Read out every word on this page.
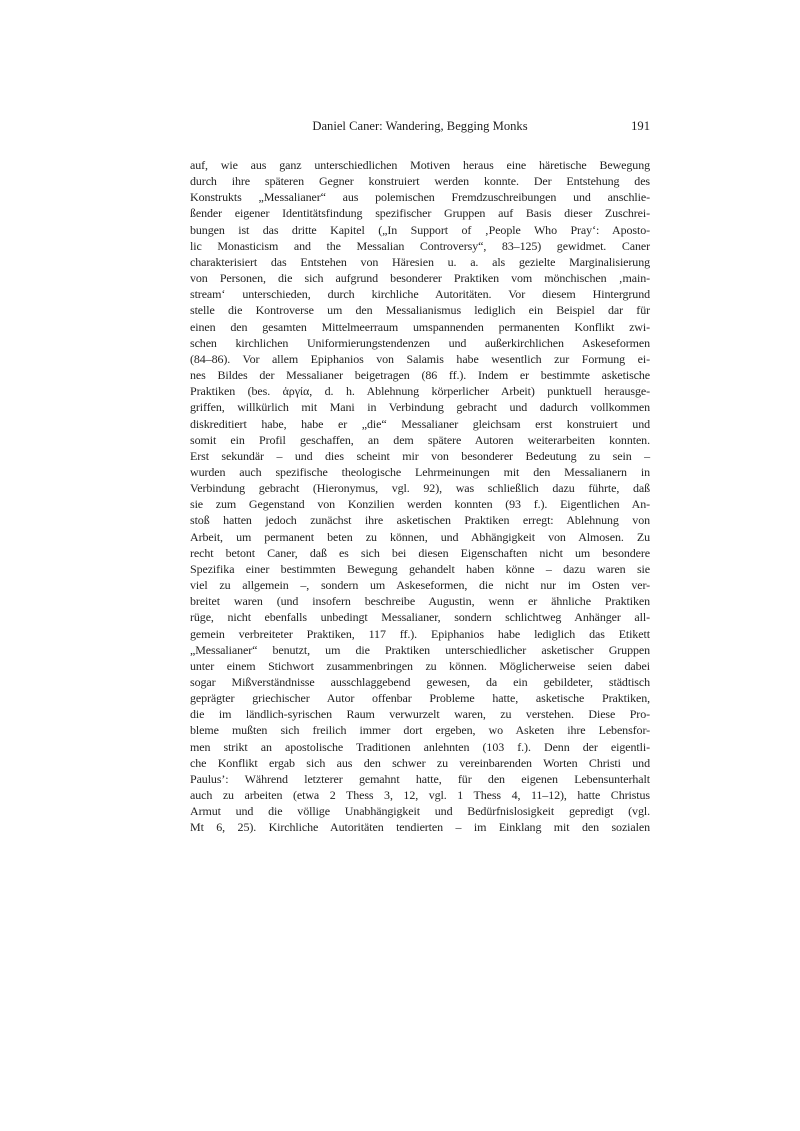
Daniel Caner: Wandering, Begging Monks	191
auf, wie aus ganz unterschiedlichen Motiven heraus eine häretische Bewegung
durch ihre späteren Gegner konstruiert werden konnte. Der Entstehung des
Konstrukts „Messalianer“ aus polemischen Fremdzuschreibungen und anschlie-
ßender eigener Identitätsfindung spezifischer Gruppen auf Basis dieser Zuschrei-
bungen ist das dritte Kapitel („In Support of ‚People Who Pray‘: Aposto-
lic Monasticism and the Messalian Controversy“, 83–125) gewidmet. Caner
charakterisiert das Entstehen von Häresien u. a. als gezielte Marginalisierung
von Personen, die sich aufgrund besonderer Praktiken vom mönchischen ‚main-
stream‘ unterschieden, durch kirchliche Autoritäten. Vor diesem Hintergrund
stelle die Kontroverse um den Messalianismus lediglich ein Beispiel dar für
einen den gesamten Mittelmeerraum umspannenden permanenten Konflikt zwi-
schen kirchlichen Uniformierungstendenzen und außerkirchlichen Askeseformen
(84–86). Vor allem Epiphanios von Salamis habe wesentlich zur Formung ei-
nes Bildes der Messalianer beigetragen (86 ff.). Indem er bestimmte asketische
Praktiken (bes. ἀργία, d. h. Ablehnung körperlicher Arbeit) punktuell herausge-
griffen, willkürlich mit Mani in Verbindung gebracht und dadurch vollkommen
diskreditiert habe, habe er „die“ Messalianer gleichsam erst konstruiert und
somit ein Profil geschaffen, an dem spätere Autoren weiterarbeiten konnten.
Erst sekundär – und dies scheint mir von besonderer Bedeutung zu sein –
wurden auch spezifische theologische Lehrmeinungen mit den Messalianern in
Verbindung gebracht (Hieronymus, vgl. 92), was schließlich dazu führte, daß
sie zum Gegenstand von Konzilien werden konnten (93 f.). Eigentlichen An-
stoß hatten jedoch zunächst ihre asketischen Praktiken erregt: Ablehnung von
Arbeit, um permanent beten zu können, und Abhängigkeit von Almosen. Zu
recht betont Caner, daß es sich bei diesen Eigenschaften nicht um besondere
Spezifika einer bestimmten Bewegung gehandelt haben könne – dazu waren sie
viel zu allgemein –, sondern um Askeseformen, die nicht nur im Osten ver-
breitet waren (und insofern beschreibe Augustin, wenn er ähnliche Praktiken
rüge, nicht ebenfalls unbedingt Messalianer, sondern schlichtweg Anhänger all-
gemein verbreiteter Praktiken, 117 ff.). Epiphanios habe lediglich das Etikett
„Messalianer“ benutzt, um die Praktiken unterschiedlicher asketischer Gruppen
unter einem Stichwort zusammenbringen zu können. Möglicherweise seien dabei
sogar Mißverständnisse ausschlaggebend gewesen, da ein gebildeter, städtisch
geprägter griechischer Autor offenbar Probleme hatte, asketische Praktiken,
die im ländlich-syrischen Raum verwurzelt waren, zu verstehen. Diese Pro-
bleme mußten sich freilich immer dort ergeben, wo Asketen ihre Lebensfor-
men strikt an apostolische Traditionen anlehnten (103 f.). Denn der eigentli-
che Konflikt ergab sich aus den schwer zu vereinbarenden Worten Christi und
Paulus’: Während letzterer gemahnt hatte, für den eigenen Lebensunterhalt
auch zu arbeiten (etwa 2 Thess 3, 12, vgl. 1 Thess 4, 11–12), hatte Christus
Armut und die völlige Unabhängigkeit und Bedürfnislosigkeit gepredigt (vgl.
Mt 6, 25). Kirchliche Autoritäten tendierten – im Einklang mit den sozialen
